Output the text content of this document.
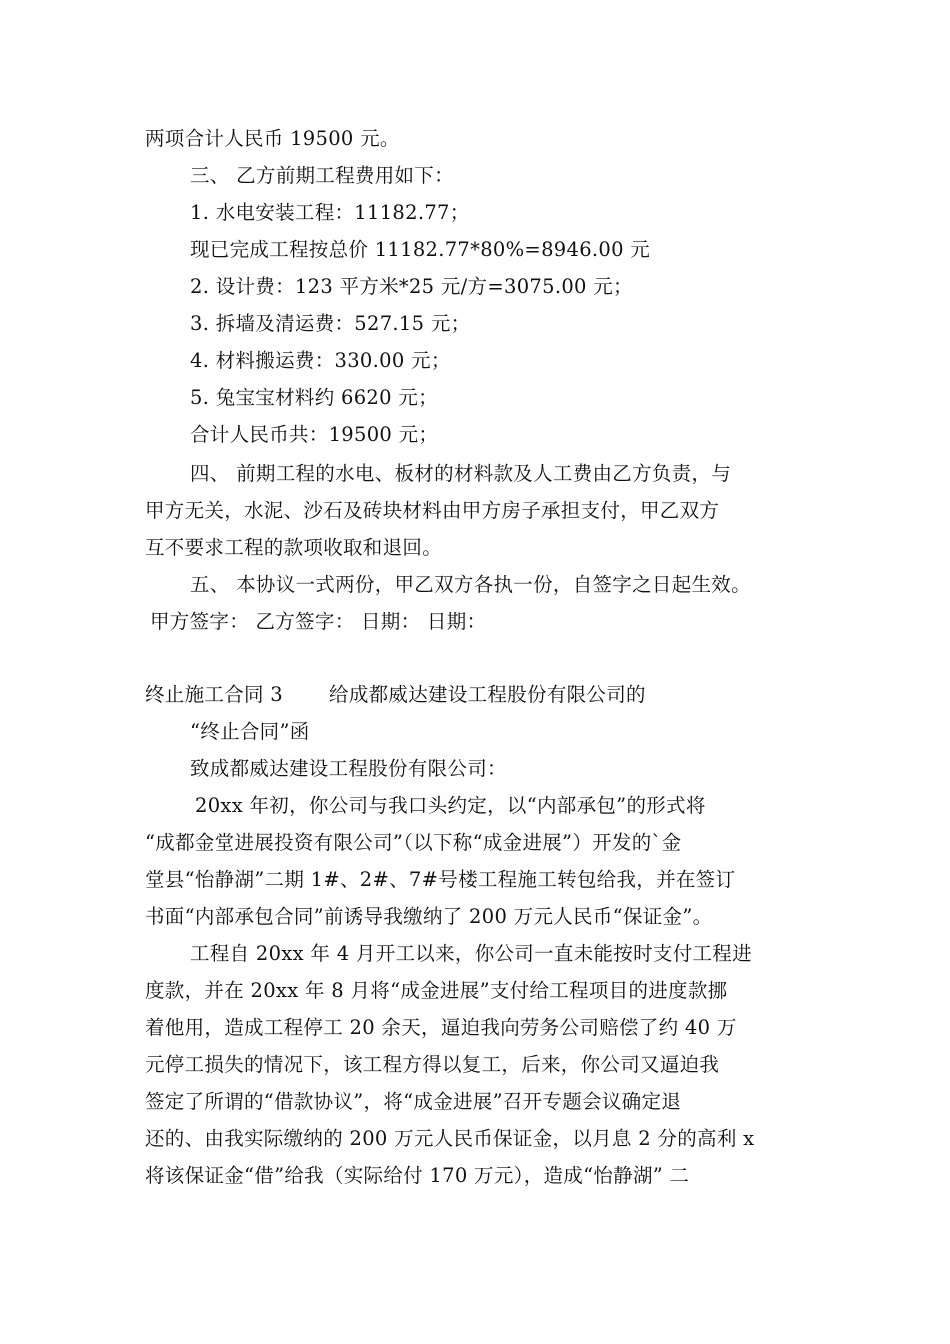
两项合计人民币 19500 元。
三、 乙方前期工程费用如下：
1. 水电安装工程：11182.77；
现已完成工程按总价 11182.77*80%=8946.00 元
2. 设计费：123 平方米*25 元/方=3075.00 元；
3. 拆墙及清运费：527.15 元；
4. 材料搬运费：330.00 元；
5. 兔宝宝材料约 6620 元；
合计人民币共：19500 元；
四、 前期工程的水电、板材的材料款及人工费由乙方负责，与
甲方无关，水泥、沙石及砖块材料由甲方房子承担支付，甲乙双方
互不要求工程的款项收取和退回。
五、 本协议一式两份，甲乙双方各执一份，自签字之日起生效。
甲方签字： 乙方签字： 日期： 日期：
终止施工合同 3 给成都威达建设工程股份有限公司的
“终止合同”函
致成都威达建设工程股份有限公司：
20xx 年初，你公司与我口头约定，以“内部承包”的形式将
“成都金堂进展投资有限公司”（以下称“成金进展”）开发的`金
堂县“怡静湖”二期 1#、2#、7#号楼工程施工转包给我，并在签订
书面“内部承包合同”前诱导我缴纳了 200 万元人民币“保证金”。
工程自 20xx 年 4 月开工以来，你公司一直未能按时支付工程进
度款，并在 20xx 年 8 月将“成金进展”支付给工程项目的进度款挪
着他用，造成工程停工 20 余天，逼迫我向劳务公司赔偿了约 40 万
元停工损失的情况下，该工程方得以复工，后来，你公司又逼迫我
签定了所谓的“借款协议”，将“成金进展”召开专题会议确定退
还的、由我实际缴纳的 200 万元人民币保证金，以月息 2 分的高利 x
将该保证金“借”给我（实际给付 170 万元），造成“怡静湖” 二
